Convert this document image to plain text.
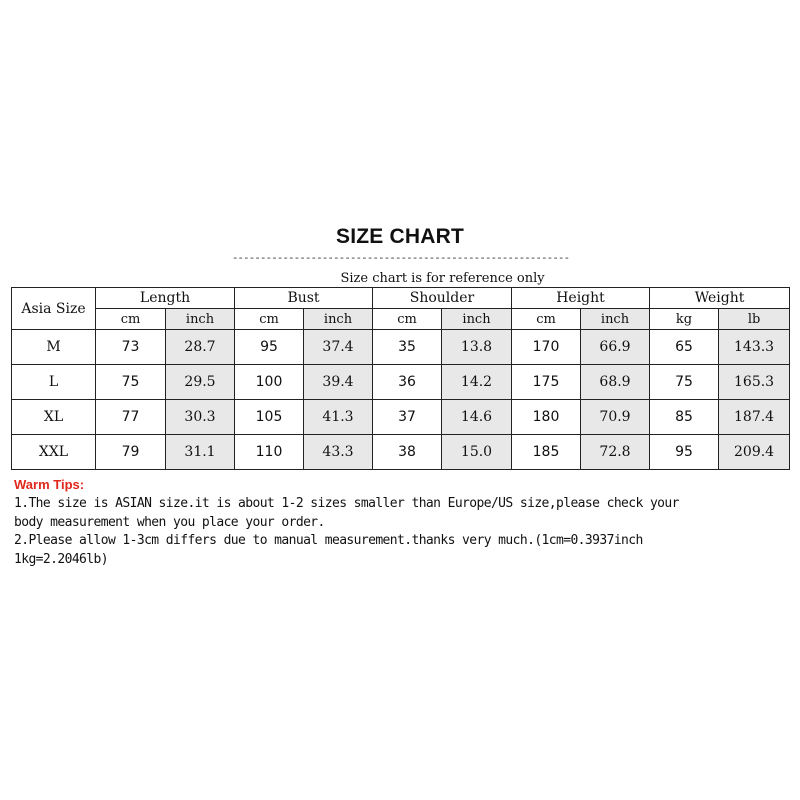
SIZE CHART
------------------------------------------------------------
	Size chart is for reference only									
Asia Size	Length		Bust		Shoulder		Height		Weight	
	cm	inch	cm	inch	cm	inch	cm	inch	kg	lb
M	73	28.7	95	37.4	35	13.8	170	66.9	65	143.3
L	75	29.5	100	39.4	36	14.2	175	68.9	75	165.3
XL	77	30.3	105	41.3	37	14.6	180	70.9	85	187.4
XXL	79	31.1	110	43.3	38	15.0	185	72.8	95	209.4
Warm Tips:

1.The size is ASIAN size.it is about 1-2 sizes smaller than Europe/US size,please check your

body measurement when you place your order.

2.Please allow 1-3cm differs due to manual measurement.thanks very much.(1cm=0.3937inch

1kg=2.2046lb)
